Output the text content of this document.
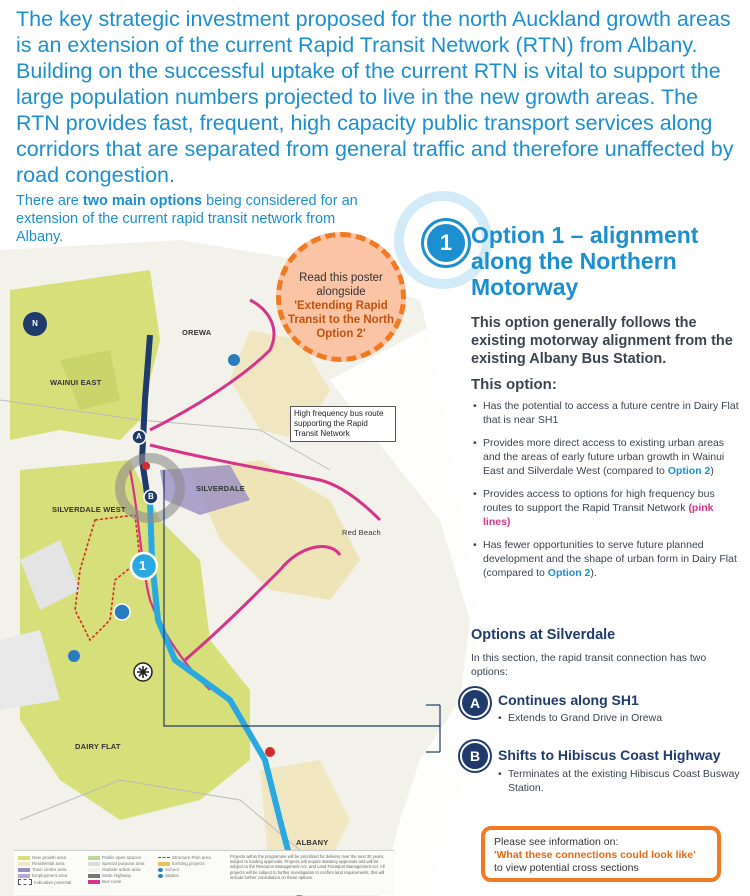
The key strategic investment proposed for the north Auckland growth areas is an extension of the current Rapid Transit Network (RTN) from Albany. Building on the successful uptake of the current RTN is vital to support the large population numbers projected to live in the new growth areas. The RTN provides fast, frequent, high capacity public transport services along corridors that are separated from general traffic and therefore unaffected by road congestion.

There are two main options being considered for an extension of the current rapid transit network from Albany.

N
Read this poster alongside
'Extending Rapid Transit to the North Option 2'
High frequency bus route supporting the Rapid Transit Network
OREWA
WAINUI EAST
SILVERDALE
SILVERDALE WEST
Red Beach
DAIRY FLAT
ALBANY
1
A
B
1 Option 1 – alignment along the Northern Motorway
This option generally follows the existing motorway alignment from the existing Albany Bus Station.
This option:
• Has the potential to access a future centre in Dairy Flat that is near SH1
• Provides more direct access to existing urban areas and the areas of early future urban growth in Wainui East and Silverdale West (compared to Option 2)
• Provides access to options for high frequency bus routes to support the Rapid Transit Network (pink lines)
• Has fewer opportunities to serve future planned development and the shape of urban form in Dairy Flat (compared to Option 2).
Options at Silverdale
In this section, the rapid transit connection has two options:
A	Continues along SH1
• Extends to Grand Drive in Orewa
B	Shifts to Hibiscus Coast Highway
• Terminates at the existing Hibiscus Coast Busway Station.
Please see information on:
'What these connections could look like'
to view potential cross sections
New growth area
Residential area
Town centre area
Employment area
Indicative potential
Public open spaces
Special purpose area
Outside urban area
State Highway
Bus route
Structure Plan area
Existing projects
School
Station
Projects within the programme will be prioritised for delivery over the next 30 years, subject to funding approvals. Projects will require statutory approvals and will be subject to the Resource Management Act, and Land Transport Management Act. All projects will be subject to further investigation to confirm land requirements, this will include further consultation on these options.
